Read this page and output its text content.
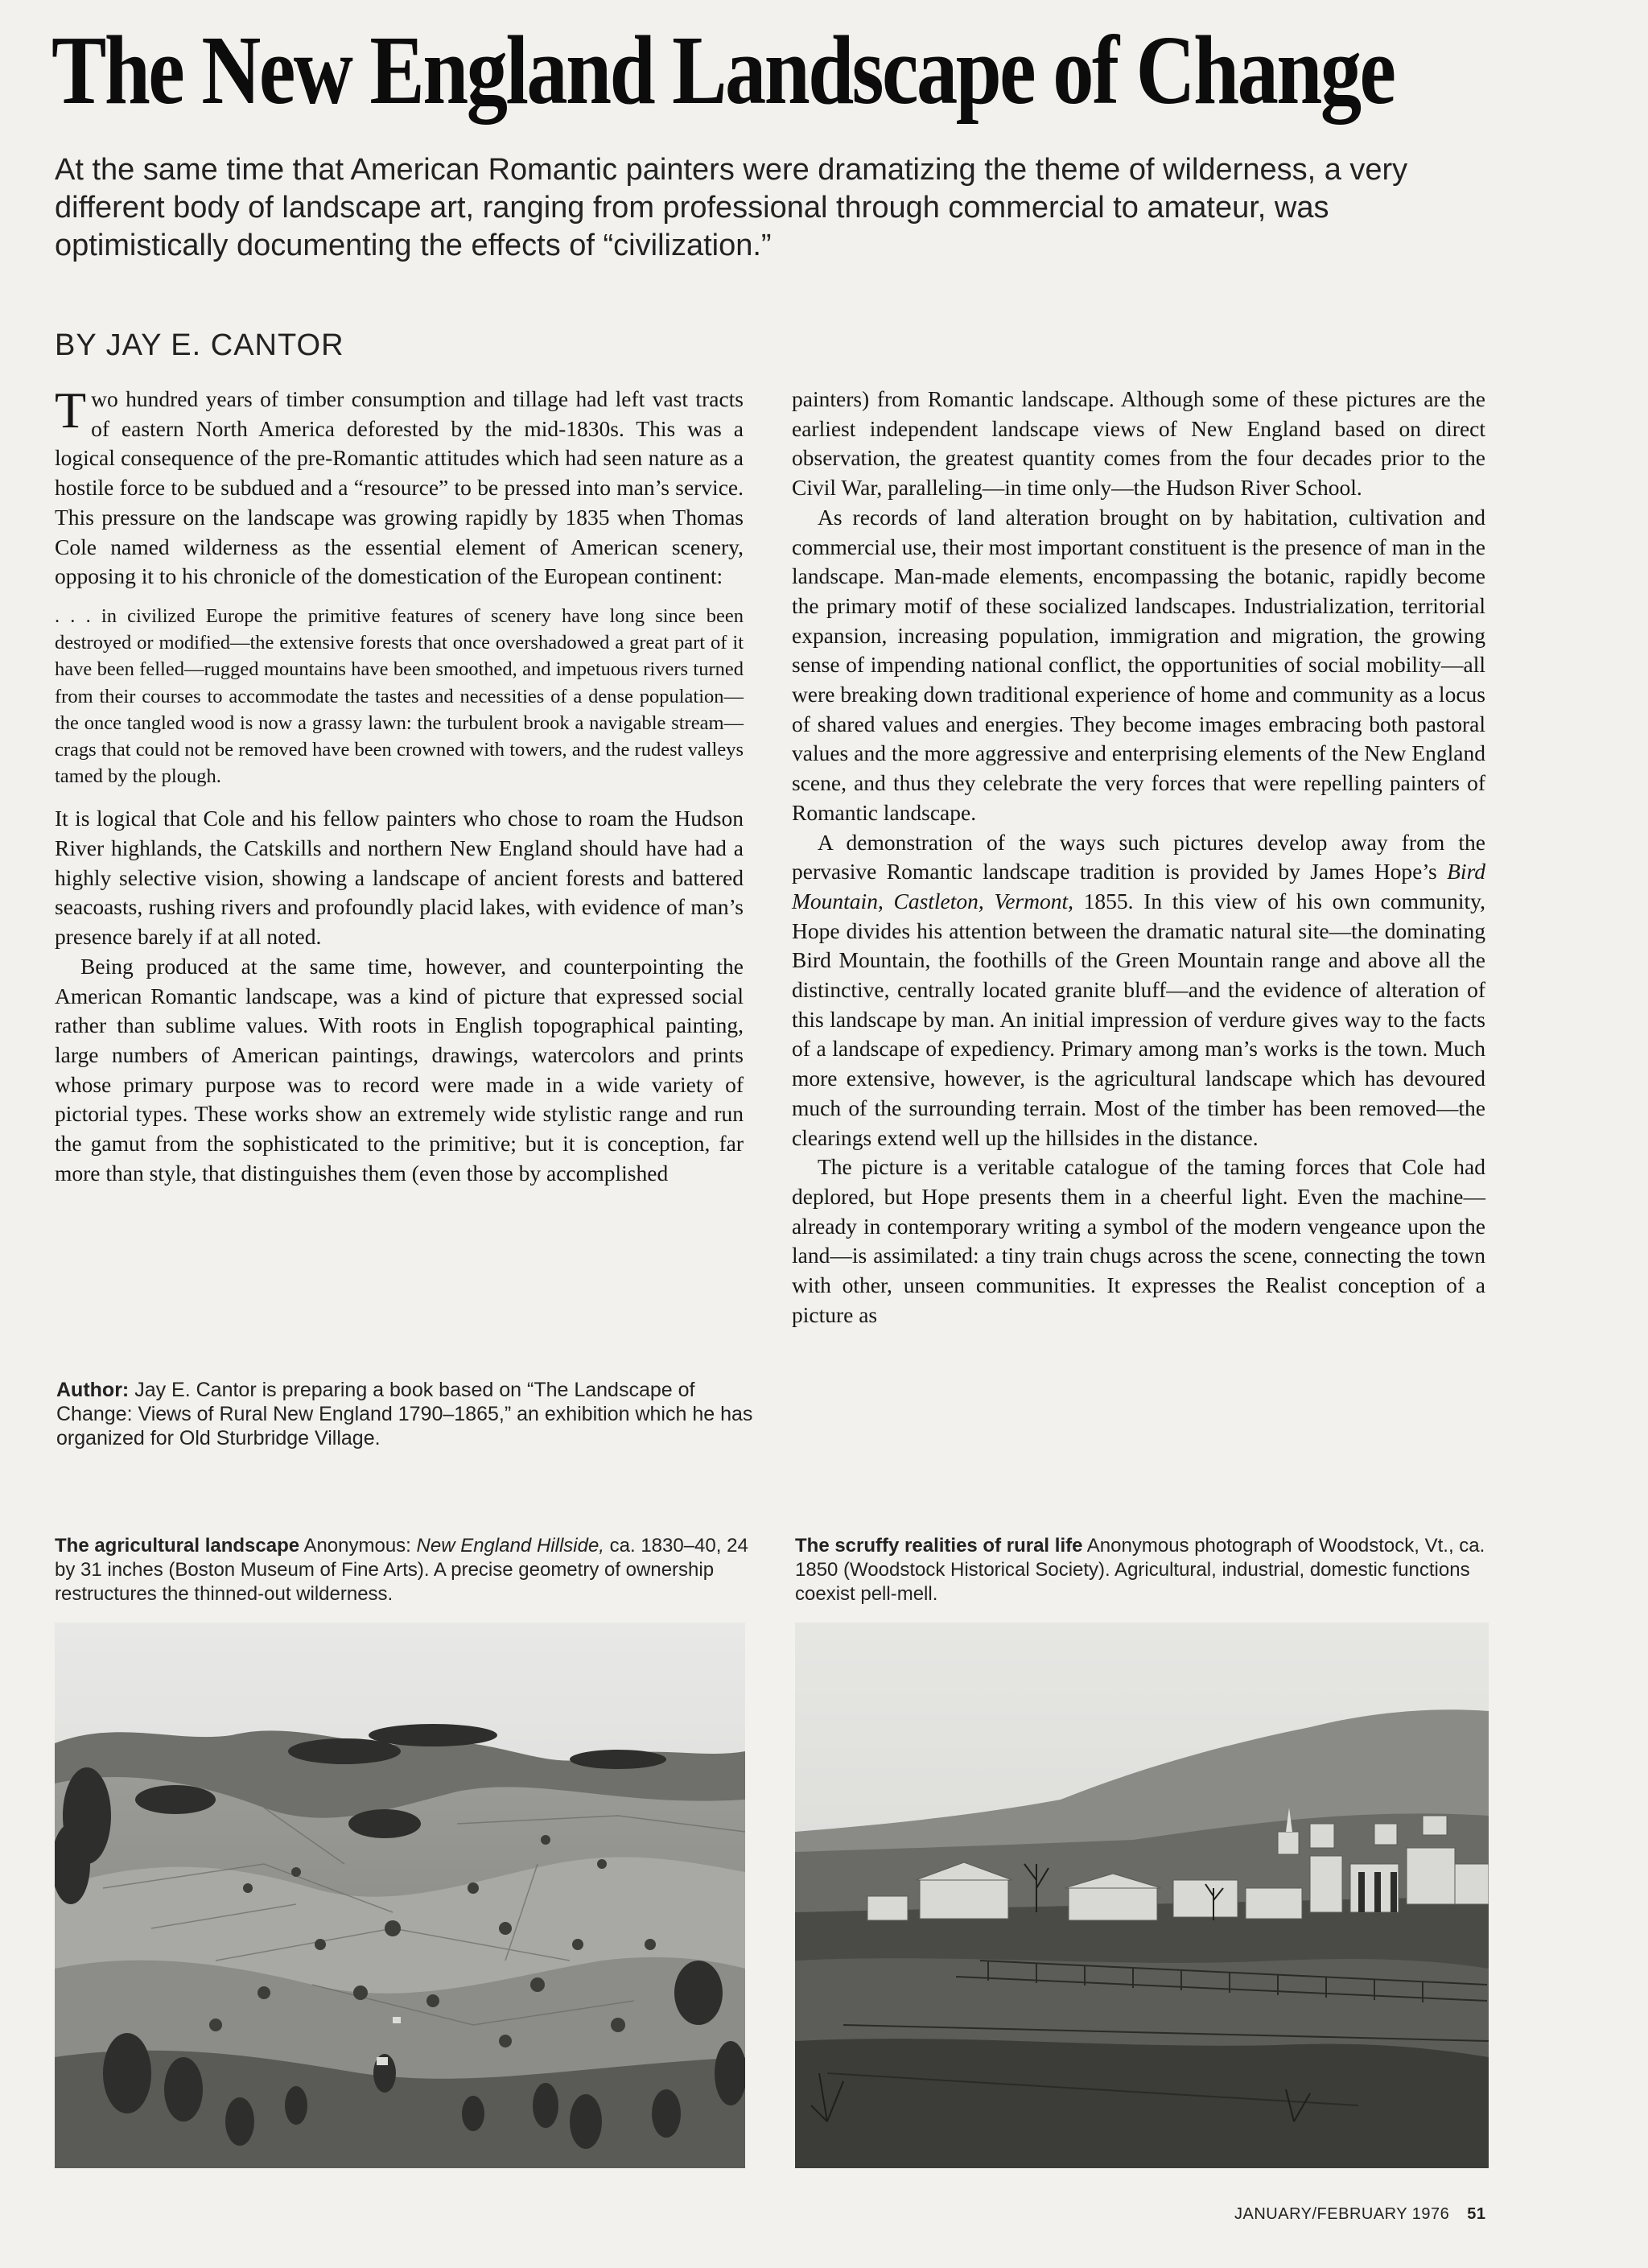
The New England Landscape of Change
At the same time that American Romantic painters were dramatizing the theme of wilderness, a very different body of landscape art, ranging from professional through commercial to amateur, was optimistically documenting the effects of “civilization.”
BY JAY E. CANTOR

Two hundred years of timber consumption and tillage had left vast tracts of eastern North America deforested by the mid-1830s. This was a logical consequence of the pre-Romantic attitudes which had seen nature as a hostile force to be subdued and a “resource” to be pressed into man’s service. This pressure on the landscape was growing rapidly by 1835 when Thomas Cole named wilderness as the essential element of American scenery, opposing it to his chronicle of the domestication of the European continent:

. . . in civilized Europe the primitive features of scenery have long since been destroyed or modified—the extensive forests that once overshadowed a great part of it have been felled—rugged mountains have been smoothed, and impetuous rivers turned from their courses to accommodate the tastes and necessities of a dense population—the once tangled wood is now a grassy lawn: the turbulent brook a navigable stream—crags that could not be removed have been crowned with towers, and the rudest valleys tamed by the plough.

It is logical that Cole and his fellow painters who chose to roam the Hudson River highlands, the Catskills and northern New England should have had a highly selective vision, showing a landscape of ancient forests and battered seacoasts, rushing rivers and profoundly placid lakes, with evidence of man’s presence barely if at all noted.

Being produced at the same time, however, and counterpointing the American Romantic landscape, was a kind of picture that expressed social rather than sublime values. With roots in English topographical painting, large numbers of American paintings, drawings, watercolors and prints whose primary purpose was to record were made in a wide variety of pictorial types. These works show an extremely wide stylistic range and run the gamut from the sophisticated to the primitive; but it is conception, far more than style, that distinguishes them (even those by accomplished

painters) from Romantic landscape. Although some of these pictures are the earliest independent landscape views of New England based on direct observation, the greatest quantity comes from the four decades prior to the Civil War, paralleling—in time only—the Hudson River School.

As records of land alteration brought on by habitation, cultivation and commercial use, their most important constituent is the presence of man in the landscape. Man-made elements, encompassing the botanic, rapidly become the primary motif of these socialized landscapes. Industrialization, territorial expansion, increasing population, immigration and migration, the growing sense of impending national conflict, the opportunities of social mobility—all were breaking down traditional experience of home and community as a locus of shared values and energies. They become images embracing both pastoral values and the more aggressive and enterprising elements of the New England scene, and thus they celebrate the very forces that were repelling painters of Romantic landscape.

A demonstration of the ways such pictures develop away from the pervasive Romantic landscape tradition is provided by James Hope’s Bird Mountain, Castleton, Vermont, 1855. In this view of his own community, Hope divides his attention between the dramatic natural site—the dominating Bird Mountain, the foothills of the Green Mountain range and above all the distinctive, centrally located granite bluff—and the evidence of alteration of this landscape by man. An initial impression of verdure gives way to the facts of a landscape of expediency. Primary among man’s works is the town. Much more extensive, however, is the agricultural landscape which has devoured much of the surrounding terrain. Most of the timber has been removed—the clearings extend well up the hillsides in the distance.

The picture is a veritable catalogue of the taming forces that Cole had deplored, but Hope presents them in a cheerful light. Even the machine—already in contemporary writing a symbol of the modern vengeance upon the land—is assimilated: a tiny train chugs across the scene, connecting the town with other, unseen communities. It expresses the Realist conception of a picture as

Author: Jay E. Cantor is preparing a book based on “The Landscape of Change: Views of Rural New England 1790–1865,” an exhibition which he has organized for Old Sturbridge Village.
The agricultural landscape Anonymous: New England Hillside, ca. 1830–40, 24 by 31 inches (Boston Museum of Fine Arts). A precise geometry of ownership restructures the thinned-out wilderness.
The scruffy realities of rural life Anonymous photograph of Woodstock, Vt., ca. 1850 (Woodstock Historical Society). Agricultural, industrial, domestic functions coexist pell-mell.
JANUARY/FEBRUARY 1976 51
